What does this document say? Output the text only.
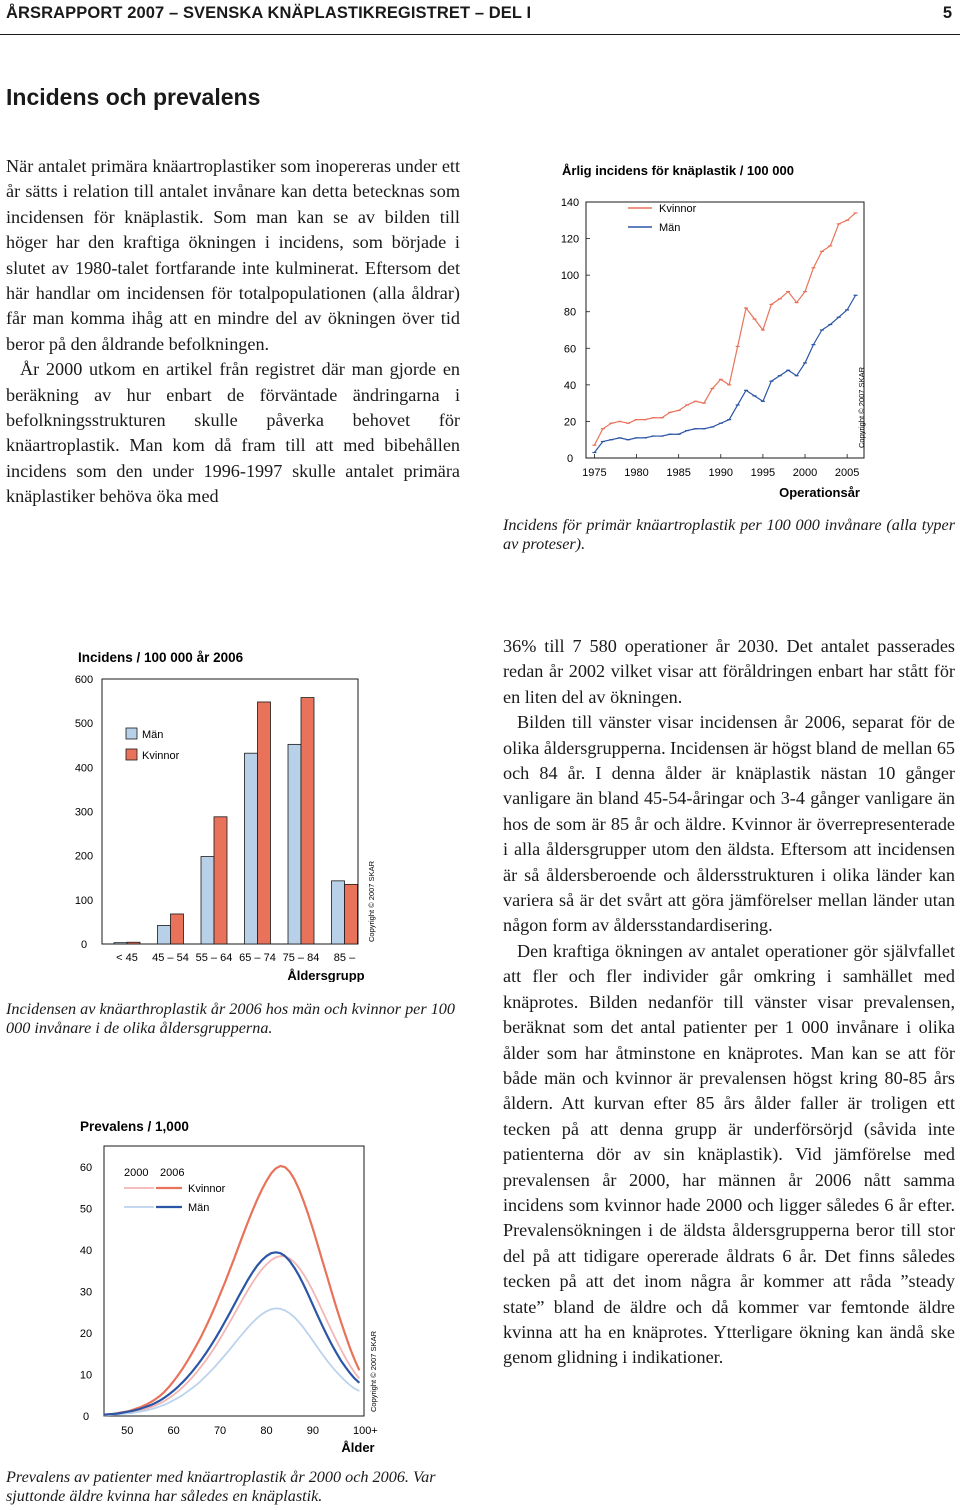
ÅRSRAPPORT 2007 – SVENSKA KNÄPLASTIKREGISTRET – DEL I	5
Incidens och prevalens

När antalet primära knäartroplastiker som inopereras under ett år sätts i relation till antalet invånare kan detta betecknas som incidensen för knäplastik. Som man kan se av bilden till höger har den kraftiga ökningen i incidens, som började i slutet av 1980-talet fortfarande inte kulminerat. Eftersom det här handlar om incidensen för totalpopulationen (alla åldrar) får man komma ihåg att en mindre del av ökningen över tid beror på den åldrande befolkningen.

År 2000 utkom en artikel från registret där man gjorde en beräkning av hur enbart de förväntade ändringarna i befolkningsstrukturen skulle påverka behovet för knäartroplastik. Man kom då fram till att med bibehållen incidens som den under 1996-1997 skulle antalet primära knäplastiker behöva öka med

Årlig incidens för knäplastik / 100 000
0
20
40
60
80
100
120
140
1975 1980 1985 1990 1995 2000 2005
Kvinnor
Män
Operationsår
Copyright © 2007 SKAR
Incidens för primär knäartroplastik per 100 000 invånare (alla typer av proteser).
Incidens / 100 000 år 2006
0
100
200
300
400
500
600
< 45 45 – 54 55 – 64 65 – 74 75 – 84 85 –
Män
Kvinnor
Åldersgrupp
Copyright © 2007 SKAR
Incidensen av knäarthroplastik år 2006 hos män och kvinnor per 100 000 invånare i de olika åldersgrupperna.
Prevalens / 1,000
0
10
20
30
40
50
60
50	60	70	80	90	100+
2000 2006
Kvinnor
Män
Ålder
Copyright © 2007 SKAR
Prevalens av patienter med knäartroplastik år 2000 och 2006. Var sjuttonde äldre kvinna har således en knäplastik.

36% till 7 580 operationer år 2030. Det antalet passerades redan år 2002 vilket visar att föråldringen enbart har stått för en liten del av ökningen.

Bilden till vänster visar incidensen år 2006, separat för de olika åldersgrupperna. Incidensen är högst bland de mellan 65 och 84 år. I denna ålder är knäplastik nästan 10 gånger vanligare än bland 45-54-åringar och 3-4 gånger vanligare än hos de som är 85 år och äldre. Kvinnor är överrepresenterade i alla åldersgrupper utom den äldsta. Eftersom att incidensen är så åldersberoende och åldersstrukturen i olika länder kan variera så är det svårt att göra jämförelser mellan länder utan någon form av åldersstandardisering.

Den kraftiga ökningen av antalet operationer gör självfallet att fler och fler individer går omkring i samhället med knäprotes. Bilden nedanför till vänster visar prevalensen, beräknat som det antal patienter per 1 000 invånare i olika ålder som har åtminstone en knäprotes. Man kan se att för både män och kvinnor är prevalensen högst kring 80-85 års åldern. Att kurvan efter 85 års ålder faller är troligen ett tecken på att denna grupp är underförsörjd (såvida inte patienterna dör av sin knäplastik). Vid jämförelse med prevalensen år 2000, har männen år 2006 nått samma incidens som kvinnor hade 2000 och ligger således 6 år efter. Prevalensökningen i de äldsta åldersgrupperna beror till stor del på att tidigare opererade åldrats 6 år. Det finns således tecken på att det inom några år kommer att råda ”steady state” bland de äldre och då kommer var femtonde äldre kvinna att ha en knäprotes. Ytterligare ökning kan ändå ske genom glidning i indikationer.
